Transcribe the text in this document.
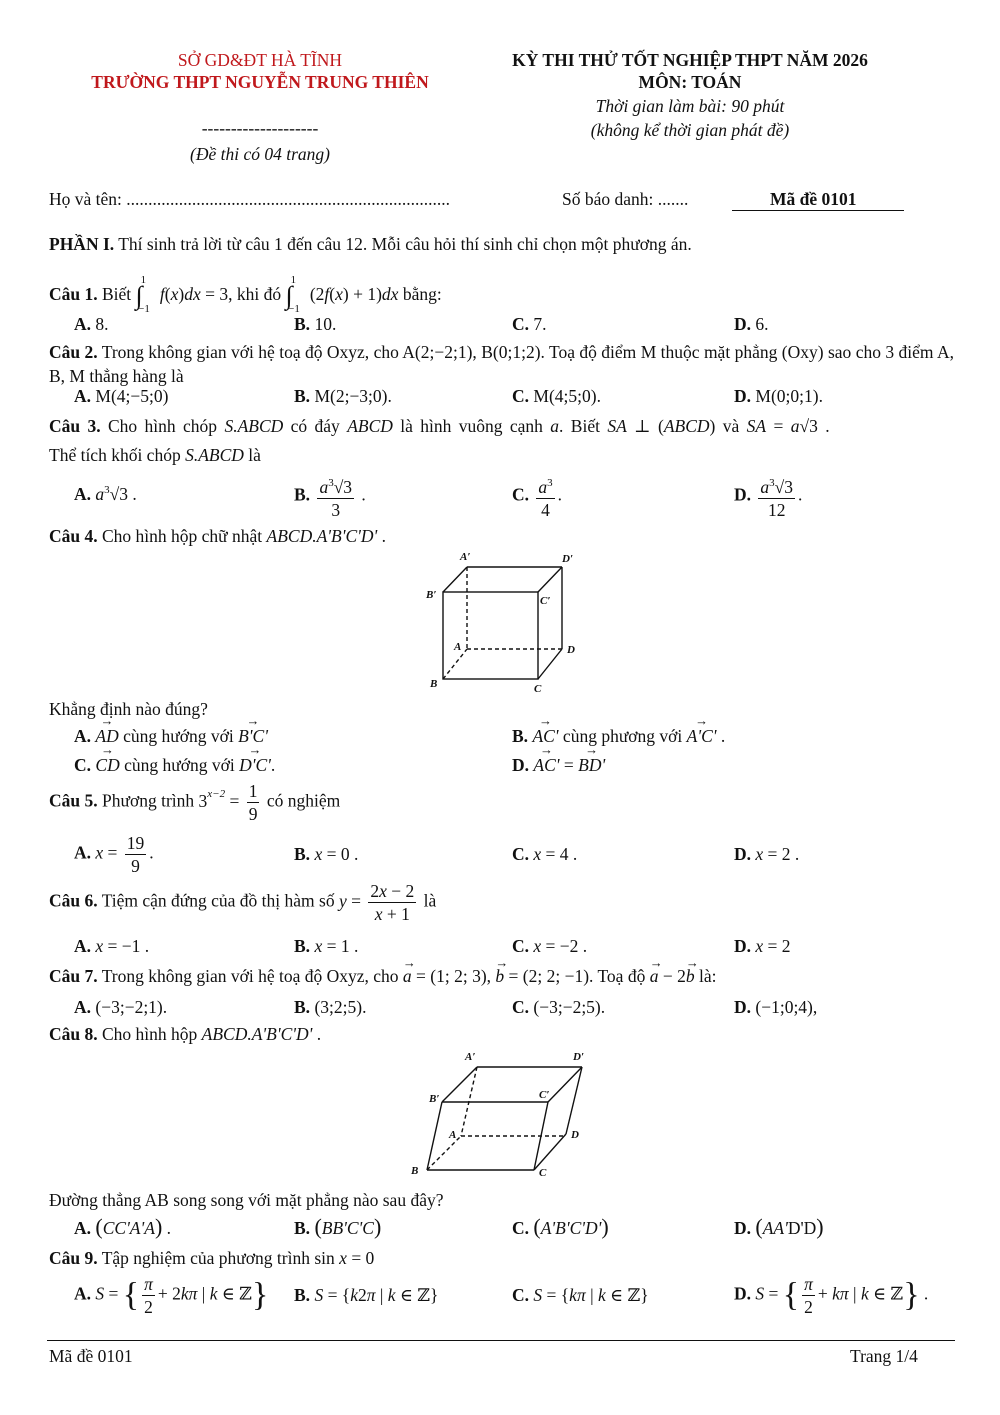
SỞ GD&ĐT HÀ TĨNH
TRƯỜNG THPT NGUYỄN TRUNG THIÊN
--------------------
(Đề thi có 04 trang)
KỲ THI THỬ TỐT NGHIỆP THPT NĂM 2026
MÔN: TOÁN
Thời gian làm bài: 90 phút
(không kể thời gian phát đề)
Họ và tên: ..........................................................................	Số báo danh: .......	Mã đề 0101
PHẦN I. Thí sinh trả lời từ câu 1 đến câu 12. Mỗi câu hỏi thí sinh chỉ chọn một phương án.
Câu 1. Biết ∫$^1_{-1}$f(x)dx = 3, khi đó ∫$^1_{-1}$(2f(x) + 1)dx bằng:
A. 8.	B. 10.	C. 7.	D. 6.
Câu 2. Trong không gian với hệ toạ độ Oxyz, cho A(2;−2;1), B(0;1;2). Toạ độ điểm M thuộc mặt phẳng (Oxy) sao cho 3 điểm A, B, M thẳng hàng là
A. M(4;−5;0)	B. M(2;−3;0).	C. M(4;5;0).	D. M(0;0;1).
Câu 3. Cho hình chóp S.ABCD có đáy ABCD là hình vuông cạnh a. Biết SA ⊥ (ABCD) và SA = a√3 .
Thể tích khối chóp S.ABCD là
A. $a^3√3$ .	B. $\frac{a^3√3}{3}$ .	C. $\frac{a^3}{4}$ .	D. $\frac{a^3√3}{12}$ .
Câu 4. Cho hình hộp chữ nhật ABCD.A'B'C'D' .
A′	D′
B′	C′
A	D
B	C
Khẳng định nào đúng?
A. → AD cùng hướng với → B'C'	B. → AC' cùng phương với → A'C' .
C. → CD cùng hướng với → D'C'.	D. → AC' = → BD'
Câu 5. Phương trình $3^{x-2} = \frac{1}{9}$ có nghiệm
A. $x = \frac{19}{9}$ .	B. x = 0 .	C. x = 4 .	D. x = 2 .
Câu 6. Tiệm cận đứng của đồ thị hàm số $y = \frac{2x - 2}{x + 1}$ là
A. x = −1 .	B. x = 1 .	C. x = −2 .	D. x = 2
Câu 7. Trong không gian với hệ toạ độ Oxyz, cho → a = (1; 2; 3), → b = (2; 2; −1). Toạ độ → a − 2→ b là:
A. (−3;−2;1).	B. (3;2;5).	C. (−3;−2;5).	D. (−1;0;4),
Câu 8. Cho hình hộp ABCD.A'B'C'D' .
A′	D′
B′	C′
A	D
B	C
Đường thẳng AB song song với mặt phẳng nào sau đây?
A. (CC'A'A) .	B. (BB'C'C)	C. (A'B'C'D')	D. (AA'D'D)
Câu 9. Tập nghiệm của phương trình sin x = 0
A. S = { $\frac{\pi}{2} + 2k\pi$ | k ∈ ℤ} B. S = {k2π | k ∈ ℤ}	C. S = {kπ | k ∈ ℤ}	D. S = { $\frac{\pi}{2} + k\pi$ | k ∈ ℤ} .
Mã đề 0101	Trang 1/4
